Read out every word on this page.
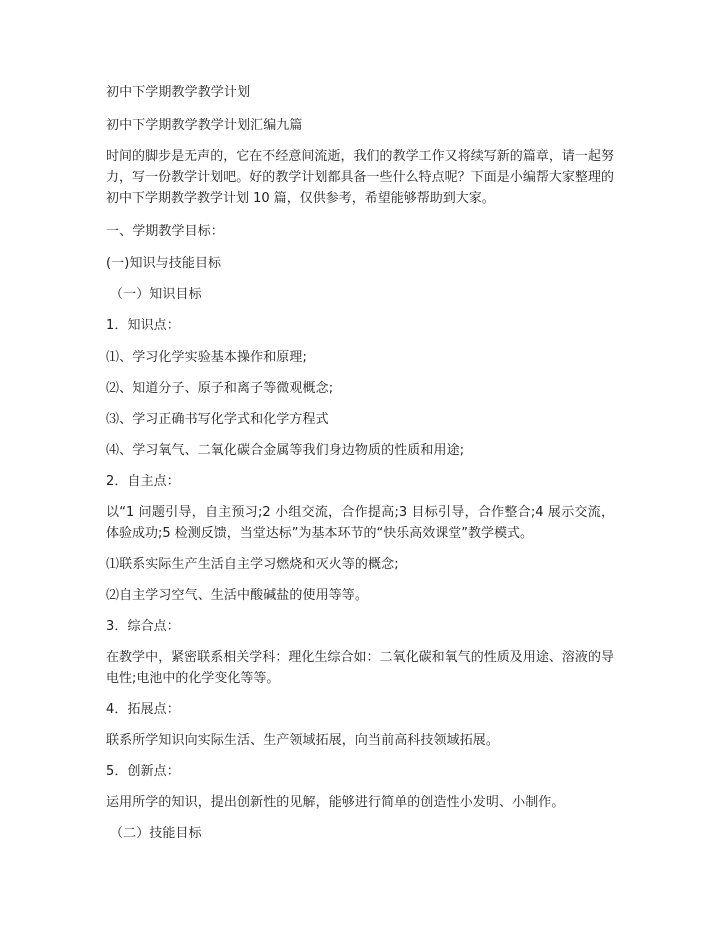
初中下学期教学教学计划

初中下学期教学教学计划汇编九篇

时间的脚步是无声的，它在不经意间流逝，我们的教学工作又将续写新的篇章，请一起努力，写一份教学计划吧。好的教学计划都具备一些什么特点呢？下面是小编帮大家整理的初中下学期教学教学计划 10 篇，仅供参考，希望能够帮助到大家。

一、学期教学目标：

(一)知识与技能目标

（一）知识目标

1．知识点：

⑴、学习化学实验基本操作和原理;

⑵、知道分子、原子和离子等微观概念;

⑶、学习正确书写化学式和化学方程式

⑷、学习氧气、二氧化碳合金属等我们身边物质的性质和用途;

2．自主点：

以“1 问题引导，自主预习;2 小组交流，合作提高;3 目标引导，合作整合;4 展示交流，体验成功;5 检测反馈，当堂达标”为基本环节的“快乐高效课堂”教学模式。

⑴联系实际生产生活自主学习燃烧和灭火等的概念;

⑵自主学习空气、生活中酸碱盐的使用等等。

3．综合点：

在教学中，紧密联系相关学科：理化生综合如：二氧化碳和氧气的性质及用途、溶液的导电性;电池中的化学变化等等。

4．拓展点：

联系所学知识向实际生活、生产领域拓展，向当前高科技领域拓展。

5．创新点：

运用所学的知识，提出创新性的见解，能够进行简单的创造性小发明、小制作。

（二）技能目标
